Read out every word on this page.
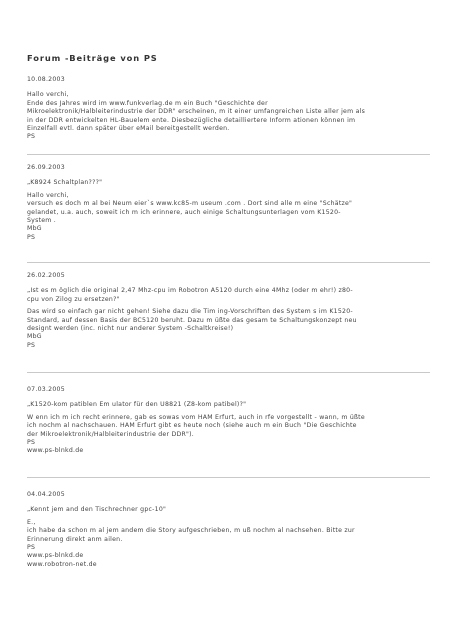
Forum -Beiträge von PS
10.08.2003
Hallo verchi,
Ende des Jahres wird im www.funkverlag.de m ein Buch "Geschichte der
Mikroelektronik/Halbleiterindustrie der DDR" erscheinen, m it einer umfangreichen Liste aller jem als
in der DDR entwickelten HL-Bauelem ente. Diesbezügliche detailliertere Inform ationen können im
Einzelfall evtl. dann später über eMail bereitgestellt werden.
PS
26.09.2003
„K8924 Schaltplan???"
Hallo verchi,
versuch es doch m al bei Neum eier`s www.kc85-m useum .com . Dort sind alle m eine "Schätze"
gelandet, u.a. auch, soweit ich m ich erinnere, auch einige Schaltungsunterlagen vom K1520-
System .
MbG
PS
26.02.2005
„Ist es m öglich die original 2,47 Mhz-cpu im Robotron A5120 durch eine 4Mhz (oder m ehr!) z80-
cpu von Zilog zu ersetzen?"
Das wird so einfach gar nicht gehen! Siehe dazu die Tim ing-Vorschriften des System s im K1520-
Standard, auf dessen Basis der BC5120 beruht. Dazu m üßte das gesam te Schaltungskonzept neu
designt werden (inc. nicht nur anderer System -Schaltkreise!)
MbG
PS
07.03.2005
„K1520-kom patiblen Em ulator für den U8821 (Z8-kom patibel)?"
W enn ich m ich recht erinnere, gab es sowas vom HAM Erfurt, auch in rfe vorgestellt - wann, m üßte
ich nochm al nachschauen. HAM Erfurt gibt es heute noch (siehe auch m ein Buch "Die Geschichte
der Mikroelektronik/Halbleiterindustrie der DDR").
PS
www.ps-blnkd.de
04.04.2005
„Kennt jem and den Tischrechner gpc-10"
E.,
ich habe da schon m al jem andem die Story aufgeschrieben, m uß nochm al nachsehen. Bitte zur
Erinnerung direkt anm ailen.
PS
www.ps-blnkd.de
www.robotron-net.de
